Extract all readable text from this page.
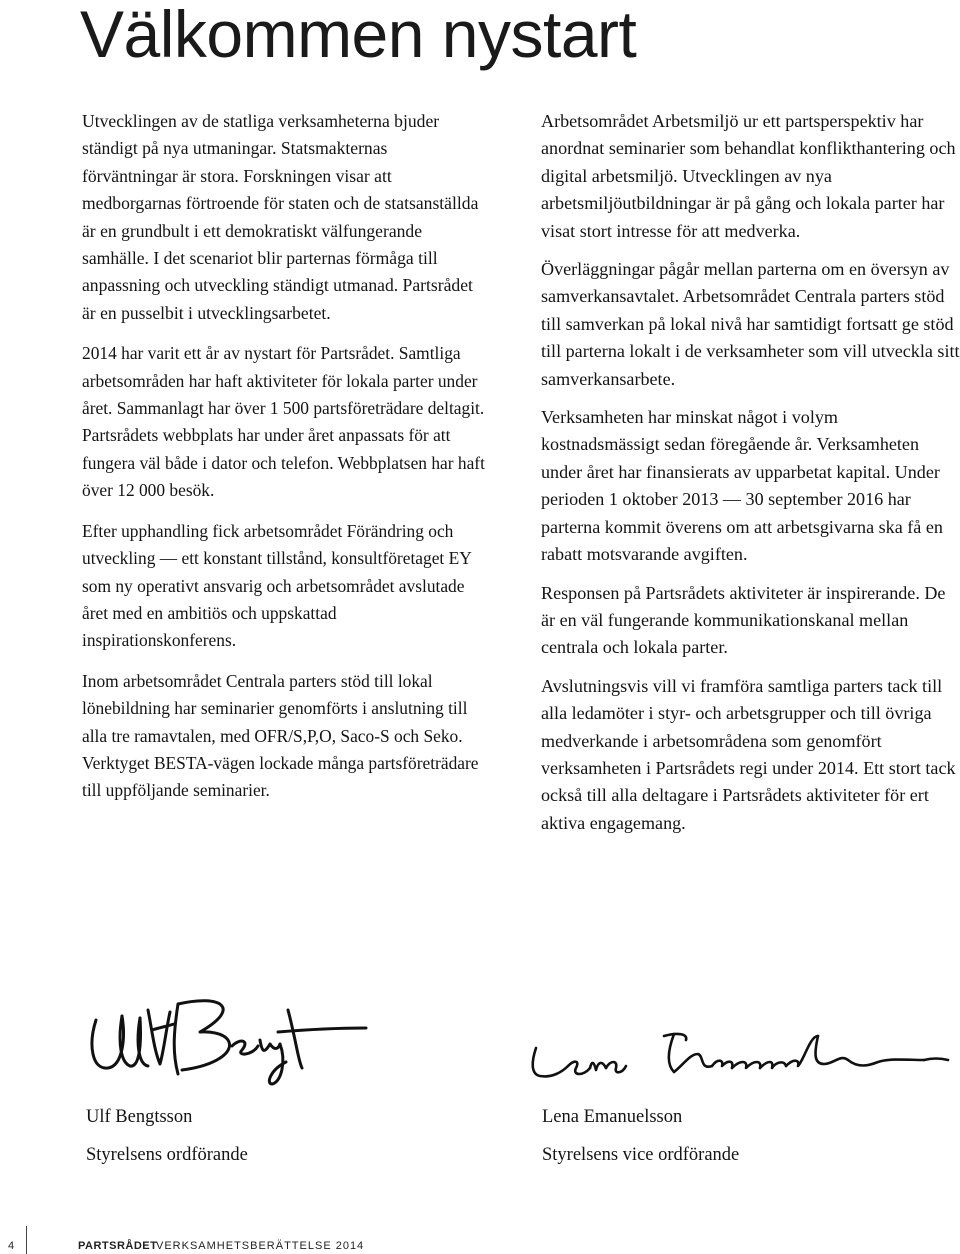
Välkommen nystart

Utvecklingen av de statliga verksamheterna bjuder ständigt på nya utmaningar. Statsmakternas förväntningar är stora. Forskningen visar att medborgarnas förtroende för staten och de statsanställda är en grundbult i ett demokratiskt välfungerande samhälle. I det scenariot blir parternas förmåga till anpassning och utveckling ständigt utmanad. Partsrådet är en pusselbit i utvecklingsarbetet.

2014 har varit ett år av nystart för Partsrådet. Samtliga arbetsområden har haft aktiviteter för lokala parter under året. Sammanlagt har över 1 500 partsföreträdare deltagit. Partsrådets webbplats har under året anpassats för att fungera väl både i dator och telefon. Webbplatsen har haft över 12 000 besök.

Efter upphandling fick arbetsområdet Förändring och utveckling — ett konstant tillstånd, konsultföretaget EY som ny operativt ansvarig och arbetsområdet avslutade året med en ambitiös och uppskattad inspirationskonferens.

Inom arbetsområdet Centrala parters stöd till lokal lönebildning har seminarier genomförts i anslutning till alla tre ramavtalen, med OFR/S,P,O, Saco-S och Seko. Verktyget BESTA-vägen lockade många partsföreträdare till uppföljande seminarier.

Arbetsområdet Arbetsmiljö ur ett partsperspektiv har anordnat seminarier som behandlat konflikthantering och digital arbetsmiljö. Utvecklingen av nya arbetsmiljöutbildningar är på gång och lokala parter har visat stort intresse för att medverka.

Överläggningar pågår mellan parterna om en översyn av samverkansavtalet. Arbetsområdet Centrala parters stöd till samverkan på lokal nivå har samtidigt fortsatt ge stöd till parterna lokalt i de verksamheter som vill utveckla sitt samverkansarbete.

Verksamheten har minskat något i volym kostnadsmässigt sedan föregående år. Verksamheten under året har finansierats av upparbetat kapital. Under perioden 1 oktober 2013 — 30 september 2016 har parterna kommit överens om att arbetsgivarna ska få en rabatt motsvarande avgiften.

Responsen på Partsrådets aktiviteter är inspirerande. De är en väl fungerande kommunikationskanal mellan centrala och lokala parter.

Avslutningsvis vill vi framföra samtliga parters tack till alla ledamöter i styr- och arbetsgrupper och till övriga medverkande i arbetsområdena som genomfört verksamheten i Partsrådets regi under 2014. Ett stort tack också till alla deltagare i Partsrådets aktiviteter för ert aktiva engagemang.

Ulf Bengtsson

Styrelsens ordförande

Lena Emanuelsson

Styrelsens vice ordförande

4	PARTSRÅDET
VERKSAMHETSBERÄTTELSE 2014
